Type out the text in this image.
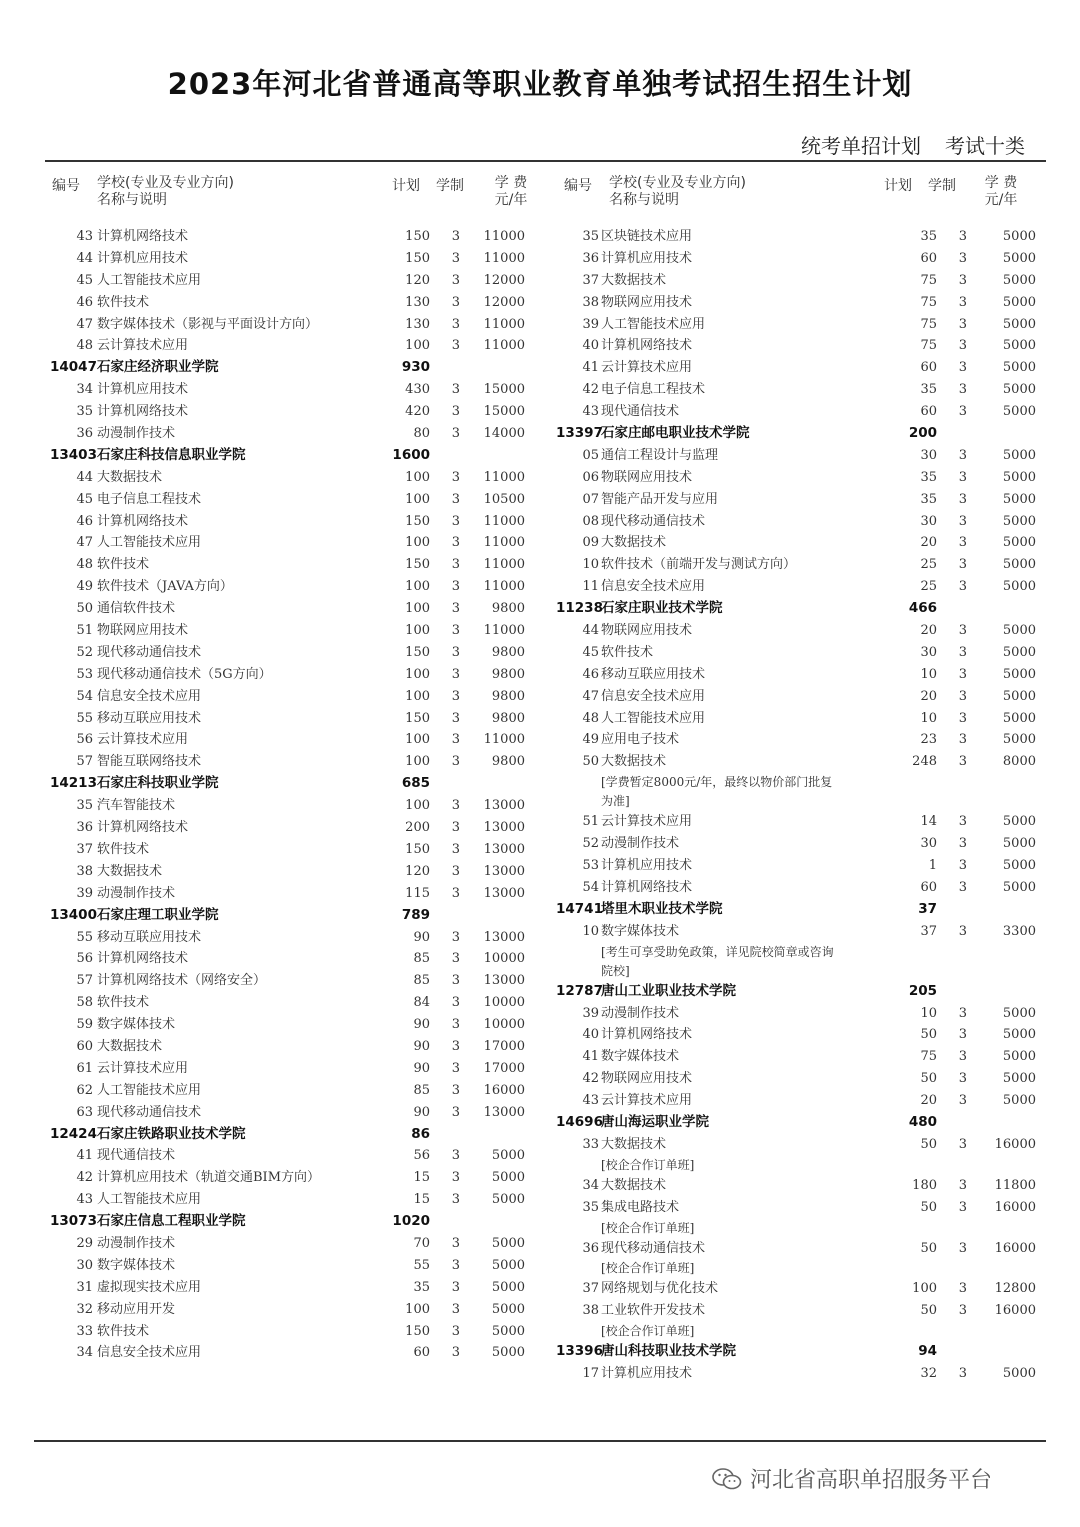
2023年河北省普通高等职业教育单独考试招生招生计划
统考单招计划 考试十类
编号 学校(专业及专业方向)
名称与说明
计划 学制	学 费
元/年
43 计算机网络技术	150 3 11000
44 计算机应用技术	150 3 11000
45 人工智能技术应用	120 3 12000
46 软件技术	130 3 12000
47 数字媒体技术（影视与平面设计方向）	130 3 11000
48 云计算技术应用	100 3 11000
14047 石家庄经济职业学院	930
34 计算机应用技术	430 3 15000
35 计算机网络技术	420 3 15000
36 动漫制作技术	80 3 14000
13403 石家庄科技信息职业学院	1600
44 大数据技术	100 3 11000
45 电子信息工程技术	100 3 10500
46 计算机网络技术	150 3 11000
47 人工智能技术应用	100 3 11000
48 软件技术	150 3 11000
49 软件技术（JAVA方向）	100 3 11000
50 通信软件技术	100 3 9800
51 物联网应用技术	100 3 11000
52 现代移动通信技术	150 3 9800
53 现代移动通信技术（5G方向）	100 3 9800
54 信息安全技术应用	100 3 9800
55 移动互联应用技术	150 3 9800
56 云计算技术应用	100 3 11000
57 智能互联网络技术	100 3 9800
14213 石家庄科技职业学院	685
35 汽车智能技术	100 3 13000
36 计算机网络技术	200 3 13000
37 软件技术	150 3 13000
38 大数据技术	120 3 13000
39 动漫制作技术	115 3 13000
13400 石家庄理工职业学院	789
55 移动互联应用技术	90 3 13000
56 计算机网络技术	85 3 10000
57 计算机网络技术（网络安全）	85 3 13000
58 软件技术	84 3 10000
59 数字媒体技术	90 3 10000
60 大数据技术	90 3 17000
61 云计算技术应用	90 3 17000
62 人工智能技术应用	85 3 16000
63 现代移动通信技术	90 3 13000
12424 石家庄铁路职业技术学院	86
41 现代通信技术	56 3 5000
42 计算机应用技术（轨道交通BIM方向）	15 3 5000
43 人工智能技术应用	15 3 5000
13073 石家庄信息工程职业学院	1020
29 动漫制作技术	70 3 5000
30 数字媒体技术	55 3 5000
31 虚拟现实技术应用	35 3 5000
32 移动应用开发	100 3 5000
33 软件技术	150 3 5000
34 信息安全技术应用	60 3 5000
编号 学校(专业及专业方向)
名称与说明
计划 学制	学 费
元/年
35 区块链技术应用	35 3	5000
36 计算机应用技术	60 3	5000
37 大数据技术	75 3	5000
38 物联网应用技术	75 3	5000
39 人工智能技术应用	75 3	5000
40 计算机网络技术	75 3	5000
41 云计算技术应用	60 3	5000
42 电子信息工程技术	35 3	5000
43 现代通信技术	60 3	5000
13397
石家庄邮电职业技术学院	200
05 通信工程设计与监理	30 3	5000
06 物联网应用技术	35 3	5000
07 智能产品开发与应用	35 3	5000
08 现代移动通信技术	30 3	5000
09 大数据技术	20 3	5000
10 软件技术（前端开发与测试方向）	25 3	5000
11 信息安全技术应用	25 3	5000
11238
石家庄职业技术学院	466
44 物联网应用技术	20 3	5000
45 软件技术	30 3	5000
46 移动互联应用技术	10 3	5000
47 信息安全技术应用	20 3	5000
48 人工智能技术应用	10 3	5000
49 应用电子技术	23 3	5000
50 大数据技术	248 3	8000
[学费暂定8000元/年，最终以物价部门批复
为准]
51 云计算技术应用	14 3	5000
52 动漫制作技术	30 3	5000
53 计算机应用技术	1 3	5000
54 计算机网络技术	60 3	5000
14741
塔里木职业技术学院	37
10 数字媒体技术	37 3	3300
[考生可享受助免政策，详见院校简章或咨询
院校]
12787
唐山工业职业技术学院	205
39 动漫制作技术	10 3	5000
40 计算机网络技术	50 3	5000
41 数字媒体技术	75 3	5000
42 物联网应用技术	50 3	5000
43 云计算技术应用	20 3	5000
14696
唐山海运职业学院	480
33 大数据技术	50 3 16000
[校企合作订单班]
34 大数据技术	180 3 11800
35 集成电路技术	50 3 16000
[校企合作订单班]
36 现代移动通信技术	50 3 16000
[校企合作订单班]
37 网络规划与优化技术	100 3 12800
38 工业软件开发技术	50 3 16000
[校企合作订单班]
13396
唐山科技职业技术学院	94
17 计算机应用技术	32 3	5000
河北省高职单招服务平台
